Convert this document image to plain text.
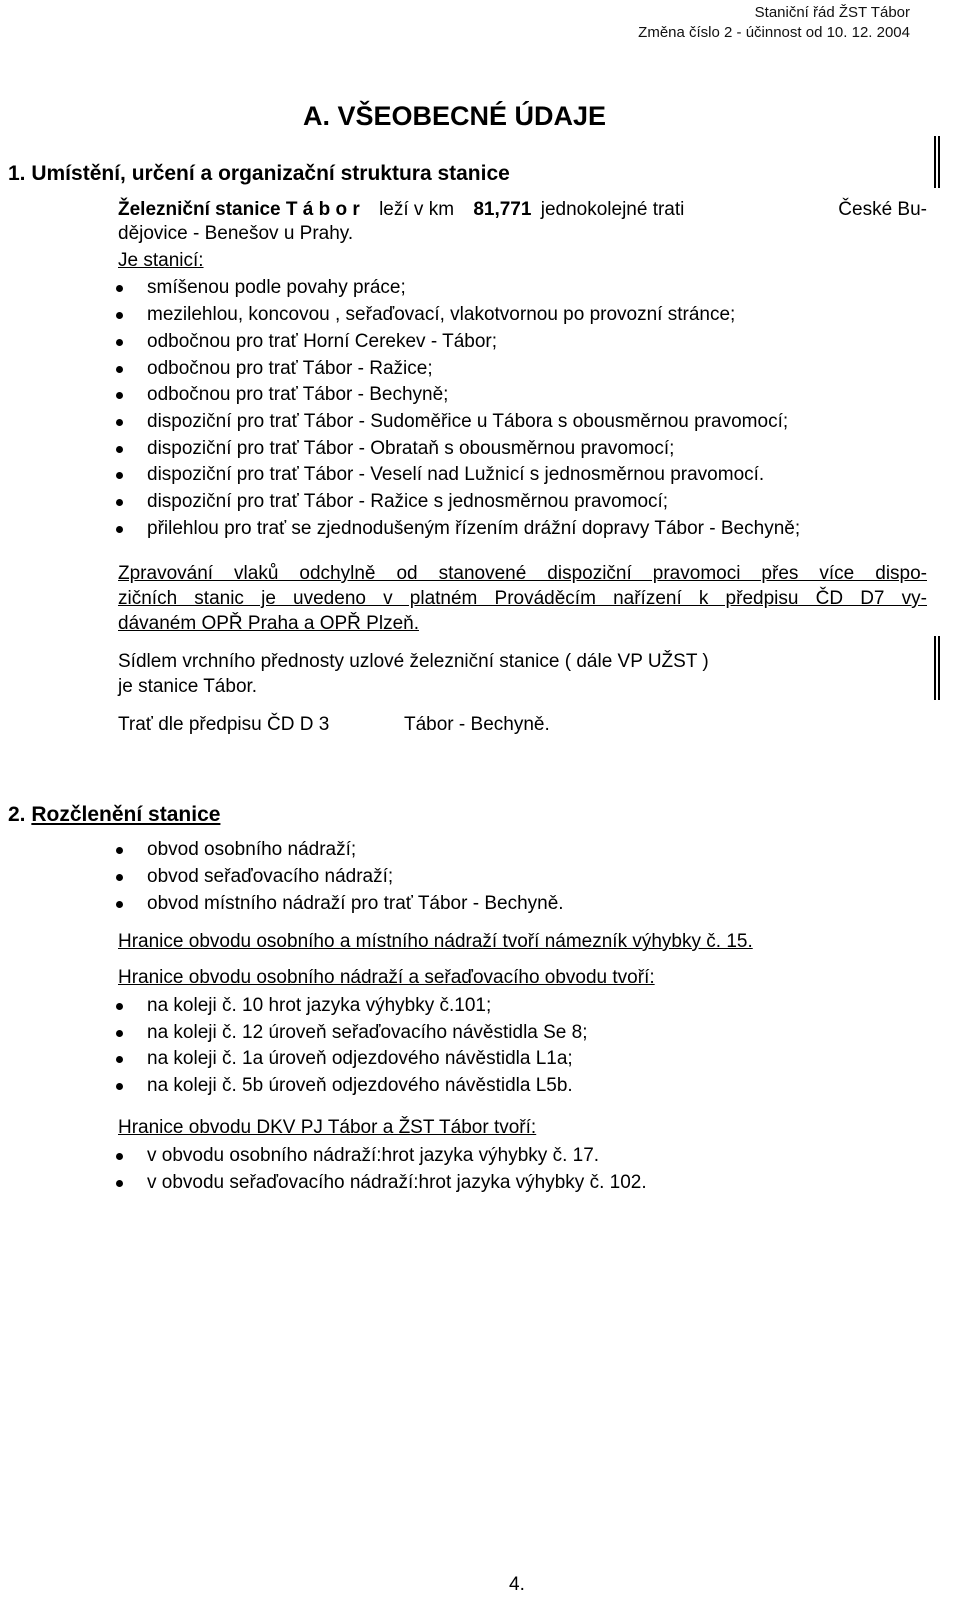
Staniční řád ŽST Tábor
Změna číslo 2 - účinnost od 10. 12. 2004
A. VŠEOBECNÉ ÚDAJE
1. Umístění, určení a organizační struktura stanice
Železniční stanice T á b o r leží v km 81,771 jednokolejné trati	České Bu-
dějovice - Benešov u Prahy.
Je stanicí:
smíšenou podle povahy práce;
mezilehlou, koncovou , seřaďovací, vlakotvornou po provozní stránce;
odbočnou pro trať Horní Cerekev - Tábor;
odbočnou pro trať Tábor - Ražice;
odbočnou pro trať Tábor - Bechyně;
dispoziční pro trať Tábor - Sudoměřice u Tábora s obousměrnou pravomocí;
dispoziční pro trať Tábor - Obrataň s obousměrnou pravomocí;
dispoziční pro trať Tábor - Veselí nad Lužnicí s jednosměrnou pravomocí.
dispoziční pro trať Tábor - Ražice s jednosměrnou pravomocí;
přilehlou pro trať se zjednodušeným řízením drážní dopravy Tábor - Bechyně;
Zpravování vlaků odchylně od stanovené dispoziční pravomoci přes více dispo-
zičních stanic je uvedeno v platném Prováděcím nařízení k předpisu ČD D7 vy-
dávaném OPŘ Praha a OPŘ Plzeň.
Sídlem vrchního přednosty uzlové železniční stanice ( dále VP UŽST )
je stanice Tábor.
Trať dle předpisu ČD D 3	Tábor - Bechyně.
2. Rozčlenění stanice
obvod osobního nádraží;
obvod seřaďovacího nádraží;
obvod místního nádraží pro trať Tábor - Bechyně.
Hranice obvodu osobního a místního nádraží tvoří námezník výhybky č. 15.
Hranice obvodu osobního nádraží a seřaďovacího obvodu tvoří:
na koleji č. 10 hrot jazyka výhybky č.101;
na koleji č. 12 úroveň seřaďovacího návěstidla Se 8;
na koleji č. 1a úroveň odjezdového návěstidla L1a;
na koleji č. 5b úroveň odjezdového návěstidla L5b.
Hranice obvodu DKV PJ Tábor a ŽST Tábor tvoří:
v obvodu osobního nádraží:hrot jazyka výhybky č. 17.
v obvodu seřaďovacího nádraží:hrot jazyka výhybky č. 102.
4.
